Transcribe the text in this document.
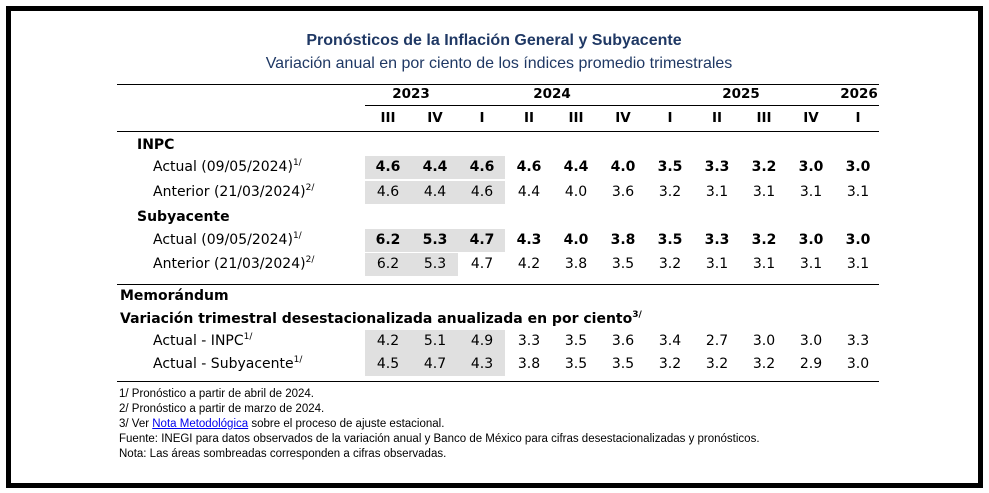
Pronósticos de la Inflación General y Subyacente
Variación anual en por ciento de los índices promedio trimestrales
2023	2024	2025	2026
III	IV	I	II	III	IV	I	II	III	IV	I
INPC
Actual $(09/05/2024)^{1/}$	4.6	4.4	4.6	4.6	4.4	4.0	3.5	3.3	3.2	3.0	3.0
Anterior $(21/03/2024)^{2/}$	4.6	4.4	4.6	4.4	4.0	3.6	3.2	3.1	3.1	3.1	3.1
Subyacente
Actual $(09/05/2024)^{1/}$	6.2	5.3	4.7	4.3	4.0	3.8	3.5	3.3	3.2	3.0	3.0
Anterior $(21/03/2024)^{2/}$	6.2	5.3	4.7	4.2	3.8	3.5	3.2	3.1	3.1	3.1	3.1
Memorándum
Variación trimestral desestacionalizada anualizada en por ciento$^{3/}$
Actual - $INPC^{1/}$	4.2	5.1	4.9	3.3	3.5	3.6	3.4	2.7	3.0	3.0	3.3
Actual - Subyacente$^{1/}$	4.5	4.7	4.3	3.8	3.5	3.5	3.2	3.2	3.2	2.9	3.0
1/ Pronóstico a partir de abril de 2024.
2/ Pronóstico a partir de marzo de 2024.
3/ Ver Nota Metodológica sobre el proceso de ajuste estacional.
Fuente: INEGI para datos observados de la variación anual y Banco de México para cifras desestacionalizadas y pronósticos.
Nota: Las áreas sombreadas corresponden a cifras observadas.
